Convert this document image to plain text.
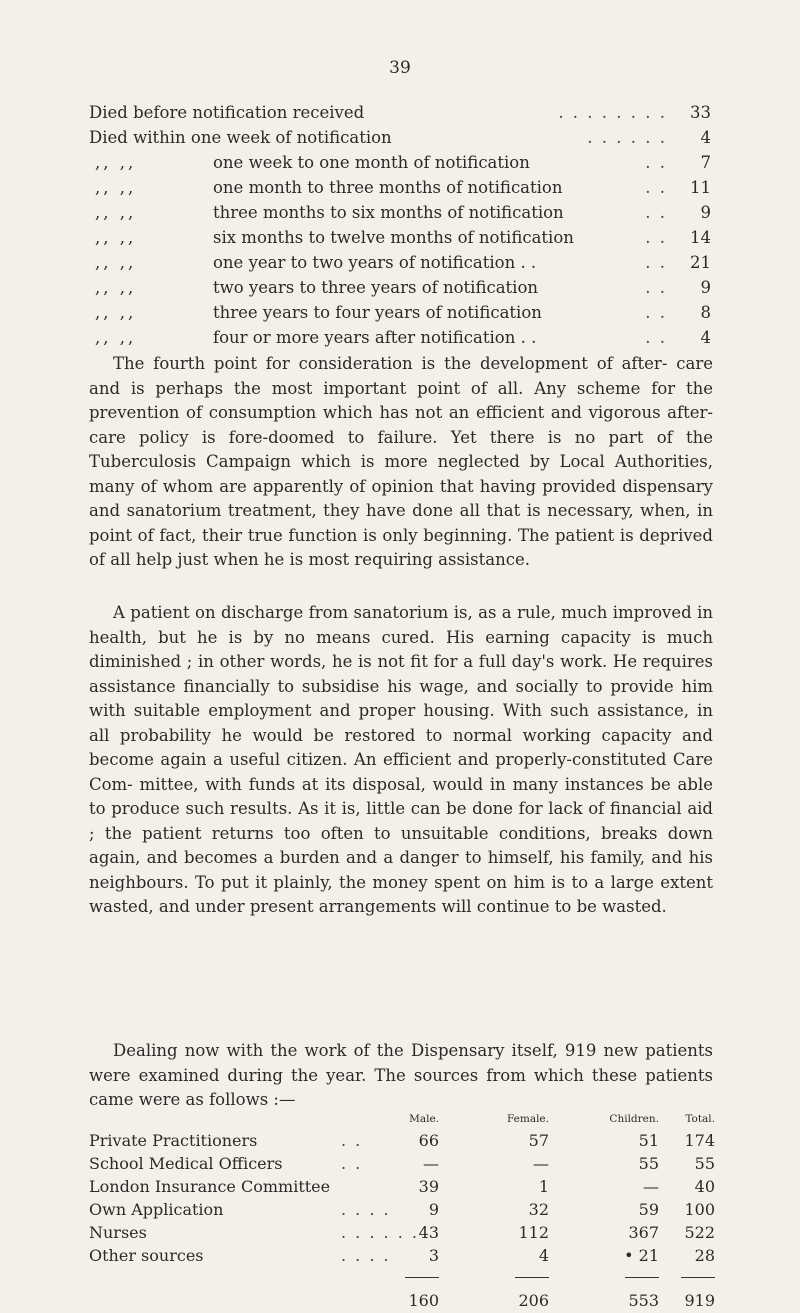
39
Died before notification received	. . . . . . . .	33
Died within one week of notification	. . . . . .	4
,, ,,	one week to one month of notification	. .	7
,, ,,	one month to three months of notification	. .	11
,, ,,	three months to six months of notification	. .	9
,, ,,	six months to twelve months of notification	. .	14
,, ,,	one year to two years of notification . .	. .	21
,, ,,	two years to three years of notification	. .	9
,, ,,	three years to four years of notification	. .	8
,, ,,	four or more years after notification . .	. .	4

The fourth point for consideration is the development of after- care and is perhaps the most important point of all. Any scheme for the prevention of consumption which has not an efficient and vigorous after-care policy is fore-doomed to failure. Yet there is no part of the Tuberculosis Campaign which is more neglected by Local Authorities, many of whom are apparently of opinion that having provided dispensary and sanatorium treatment, they have done all that is necessary, when, in point of fact, their true function is only beginning. The patient is deprived of all help just when he is most requiring assistance.

A patient on discharge from sanatorium is, as a rule, much improved in health, but he is by no means cured. His earning capacity is much diminished ; in other words, he is not fit for a full day's work. He requires assistance financially to subsidise his wage, and socially to provide him with suitable employment and proper housing. With such assistance, in all probability he would be restored to normal working capacity and become again a useful citizen. An efficient and properly-constituted Care Com- mittee, with funds at its disposal, would in many instances be able to produce such results. As it is, little can be done for lack of financial aid ; the patient returns too often to unsuitable conditions, breaks down again, and becomes a burden and a danger to himself, his family, and his neighbours. To put it plainly, the money spent on him is to a large extent wasted, and under present arrangements will continue to be wasted.

Dealing now with the work of the Dispensary itself, 919 new patients were examined during the year. The sources from which these patients came were as follows :—

Male.	Female.	Children.	Total.
Private Practitioners	. .	66	57	51	174
School Medical Officers	. .	—	—	55	55
London Insurance Committee	39	1	—	40
Own Application	. . . .	9	32	59	100
Nurses	. . . . . . 43	112	367	522
Other sources	. . . .	3	4	• 21	28
160	206	553	919
